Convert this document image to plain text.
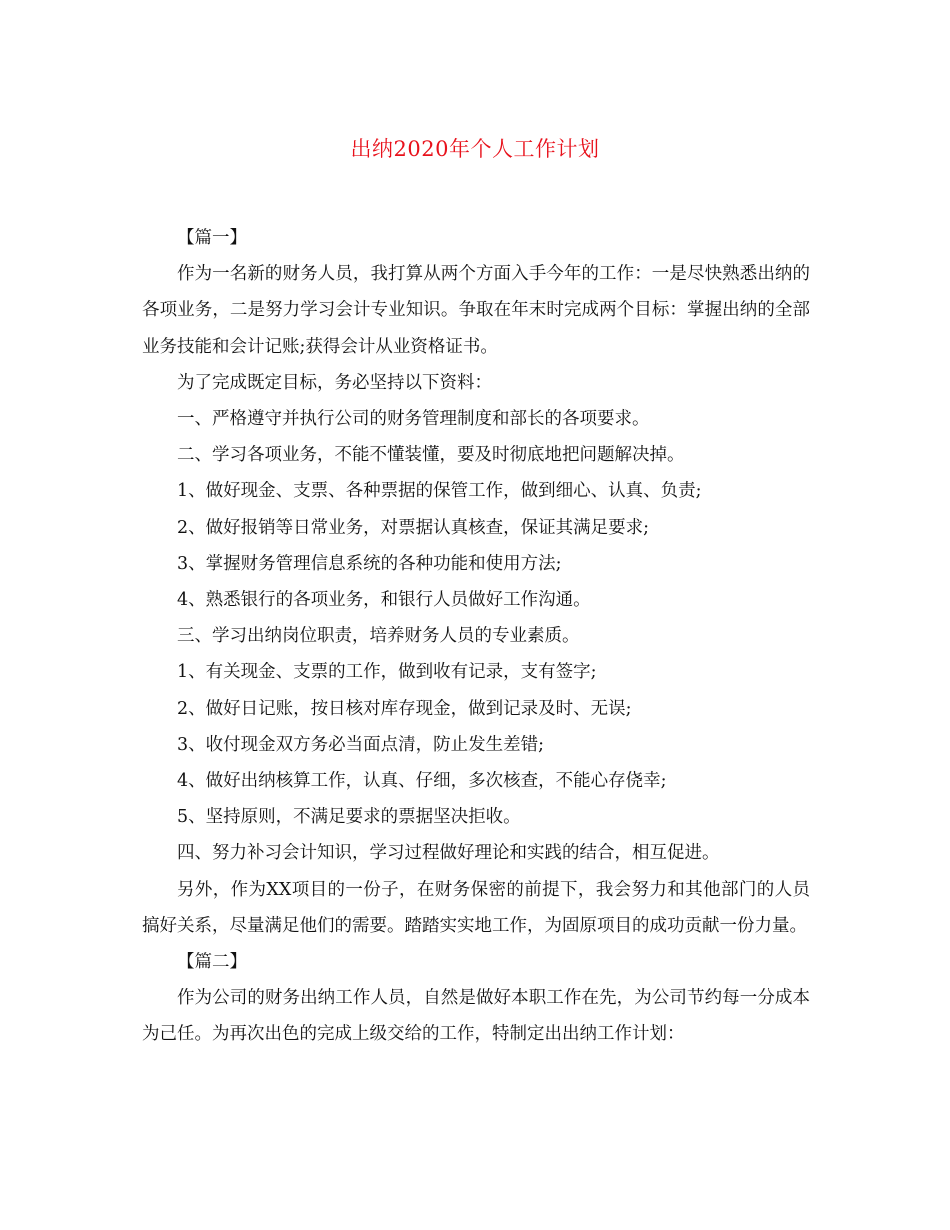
出纳2020年个人工作计划

【篇一】

作为一名新的财务人员，我打算从两个方面入手今年的工作：一是尽快熟悉出纳的各项业务，二是努力学习会计专业知识。争取在年末时完成两个目标：掌握出纳的全部业务技能和会计记账;获得会计从业资格证书。

为了完成既定目标，务必坚持以下资料：

一、严格遵守并执行公司的财务管理制度和部长的各项要求。

二、学习各项业务，不能不懂装懂，要及时彻底地把问题解决掉。

1、做好现金、支票、各种票据的保管工作，做到细心、认真、负责;

2、做好报销等日常业务，对票据认真核查，保证其满足要求;

3、掌握财务管理信息系统的各种功能和使用方法;

4、熟悉银行的各项业务，和银行人员做好工作沟通。

三、学习出纳岗位职责，培养财务人员的专业素质。

1、有关现金、支票的工作，做到收有记录，支有签字;

2、做好日记账，按日核对库存现金，做到记录及时、无误;

3、收付现金双方务必当面点清，防止发生差错;

4、做好出纳核算工作，认真、仔细，多次核查，不能心存侥幸;

5、坚持原则，不满足要求的票据坚决拒收。

四、努力补习会计知识，学习过程做好理论和实践的结合，相互促进。

另外，作为XX项目的一份子，在财务保密的前提下，我会努力和其他部门的人员搞好关系，尽量满足他们的需要。踏踏实实地工作，为固原项目的成功贡献一份力量。

【篇二】

作为公司的财务出纳工作人员，自然是做好本职工作在先，为公司节约每一分成本为己任。为再次出色的完成上级交给的工作，特制定出出纳工作计划：
